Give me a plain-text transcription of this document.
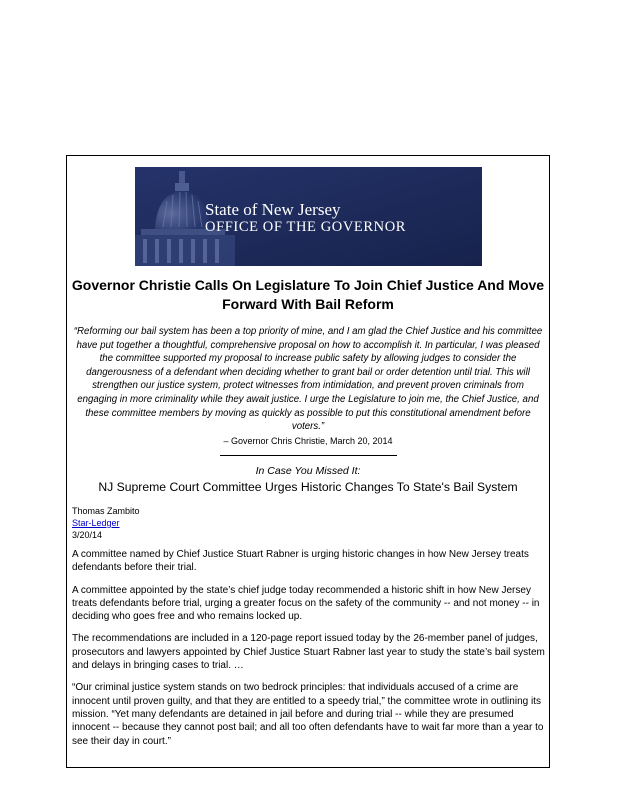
State of New Jersey
OFFICE OF THE GOVERNOR
Governor Christie Calls On Legislature To Join Chief Justice And Move Forward With Bail Reform
“Reforming our bail system has been a top priority of mine, and I am glad the Chief Justice and his committee have put together a thoughtful, comprehensive proposal on how to accomplish it. In particular, I was pleased the committee supported my proposal to increase public safety by allowing judges to consider the dangerousness of a defendant when deciding whether to grant bail or order detention until trial. This will strengthen our justice system, protect witnesses from intimidation, and prevent proven criminals from engaging in more criminality while they await justice. I urge the Legislature to join me, the Chief Justice, and these committee members by moving as quickly as possible to put this constitutional amendment before voters.”
– Governor Chris Christie, March 20, 2014
In Case You Missed It:
NJ Supreme Court Committee Urges Historic Changes To State's Bail System
Thomas Zambito
Star-Ledger
3/20/14

A committee named by Chief Justice Stuart Rabner is urging historic changes in how New Jersey treats defendants before their trial.

A committee appointed by the state’s chief judge today recommended a historic shift in how New Jersey treats defendants before trial, urging a greater focus on the safety of the community -- and not money -- in deciding who goes free and who remains locked up.

The recommendations are included in a 120-page report issued today by the 26-member panel of judges, prosecutors and lawyers appointed by Chief Justice Stuart Rabner last year to study the state’s bail system and delays in bringing cases to trial. …

“Our criminal justice system stands on two bedrock principles: that individuals accused of a crime are innocent until proven guilty, and that they are entitled to a speedy trial,” the committee wrote in outlining its mission. “Yet many defendants are detained in jail before and during trial -- while they are presumed innocent -- because they cannot post bail; and all too often defendants have to wait far more than a year to see their day in court.”
